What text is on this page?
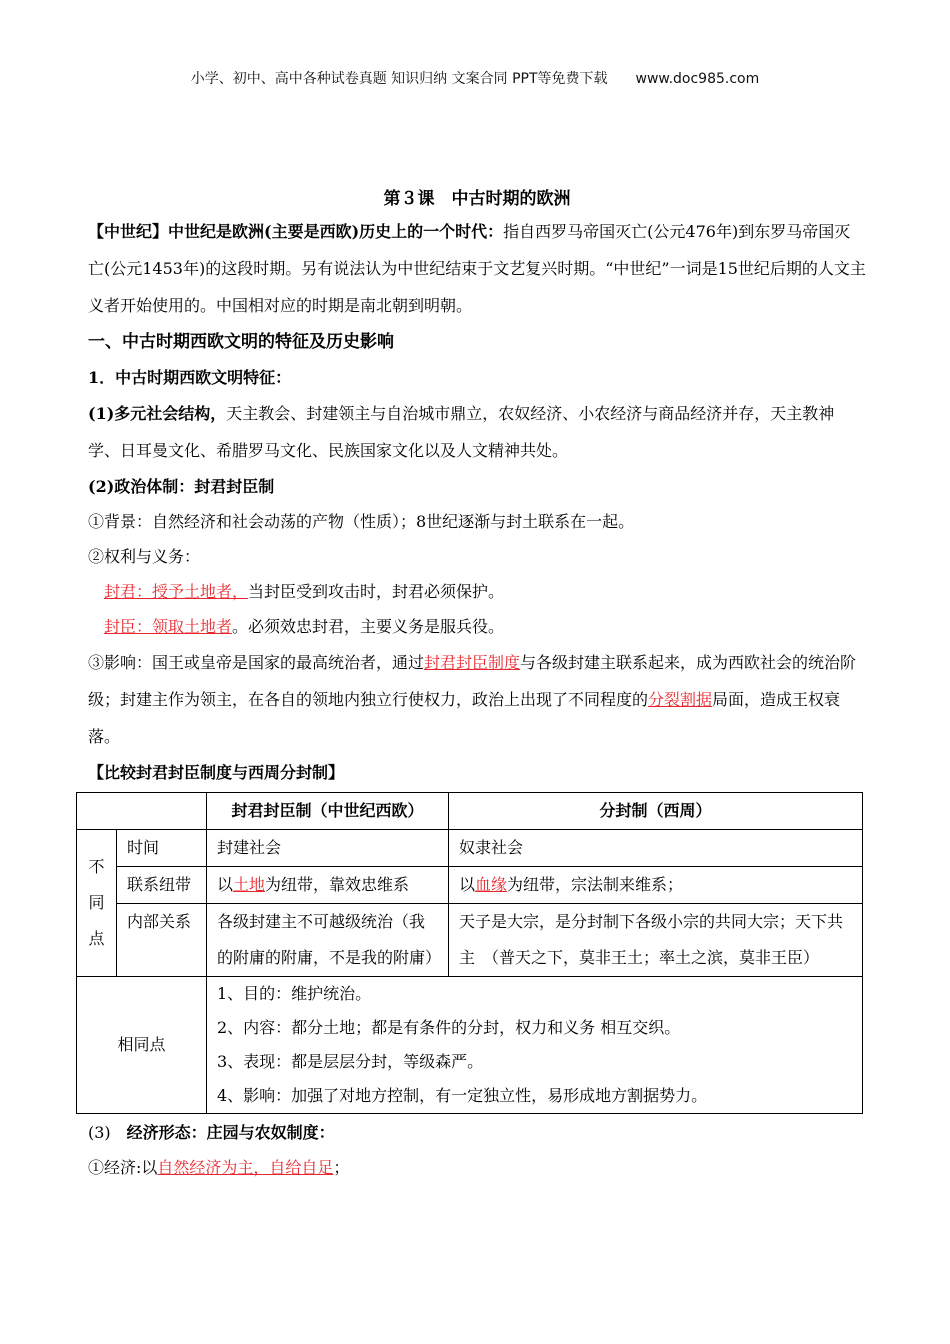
小学、初中、高中各种试卷真题 知识归纳 文案合同 PPT等免费下载 www.doc985.com
第３课　中古时期的欧洲

【中世纪】中世纪是欧洲(主要是西欧)历史上的一个时代：指自西罗马帝国灭亡(公元476年)到东罗马帝国灭亡(公元1453年)的这段时期。另有说法认为中世纪结束于文艺复兴时期。“中世纪”一词是15世纪后期的人文主义者开始使用的。中国相对应的时期是南北朝到明朝。

一、中古时期西欧文明的特征及历史影响

1．中古时期西欧文明特征：

(1)多元社会结构，天主教会、封建领主与自治城市鼎立，农奴经济、小农经济与商品经济并存，天主教神学、日耳曼文化、希腊罗马文化、民族国家文化以及人文精神共处。

(2)政治体制：封君封臣制

①背景：自然经济和社会动荡的产物（性质）；8世纪逐渐与封土联系在一起。

②权利与义务：

封君：授予土地者，当封臣受到攻击时，封君必须保护。

封臣：领取土地者。必须效忠封君，主要义务是服兵役。

③影响：国王或皇帝是国家的最高统治者，通过封君封臣制度与各级封建主联系起来，成为西欧社会的统治阶级；封建主作为领主，在各自的领地内独立行使权力，政治上出现了不同程度的分裂割据局面，造成王权衰落。

【比较封君封臣制度与西周分封制】

		封君封臣制（中世纪西欧）	分封制（西周）

不
同
点	时间	封建社会	奴隶社会
	联系纽带	以土地为纽带，靠效忠维系	以血缘为纽带，宗法制来维系；
	内部关系	各级封建主不可越级统治（我的附庸的附庸，不是我的附庸）	天子是大宗，是分封制下各级小宗的共同大宗；天下共主　（普天之下，莫非王土；率土之滨，莫非王臣）
相同点		1、目的：维护统治。
2、内容：都分土地；都是有条件的分封，权力和义务 相互交织。
3、表现：都是层层分封，等级森严。
4、影响：加强了对地方控制，有一定独立性，易形成地方割据势力。	

(3)　经济形态：庄园与农奴制度：

①经济:以自然经济为主，自给自足；
